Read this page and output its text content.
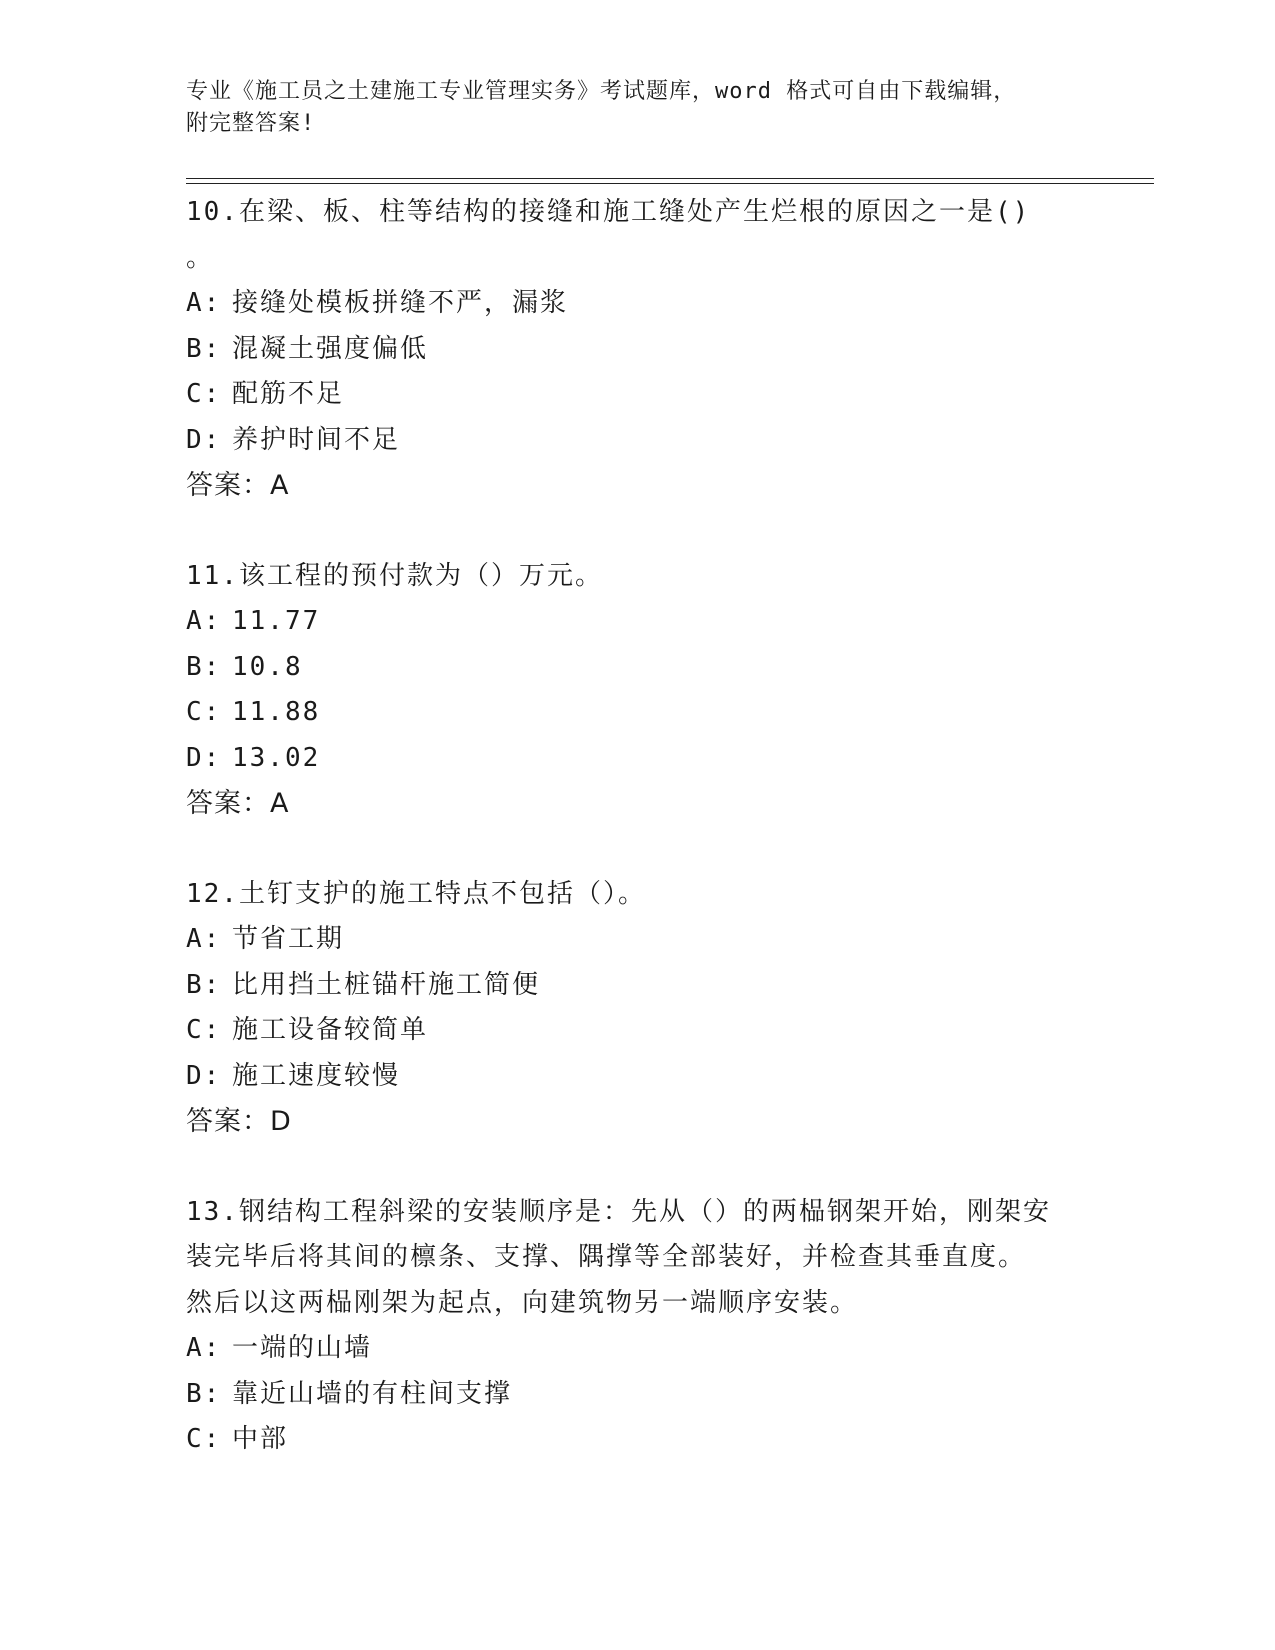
专业《施工员之土建施工专业管理实务》考试题库，word 格式可自由下载编辑，
附完整答案!
10.在梁、板、柱等结构的接缝和施工缝处产生烂根的原因之一是()
。
A: 接缝处模板拼缝不严，漏浆
B: 混凝土强度偏低
C: 配筋不足
D: 养护时间不足
答案：A
11.该工程的预付款为（）万元。
A: 11.77
B: 10.8
C: 11.88
D: 13.02
答案：A
12.土钉支护的施工特点不包括（）。
A: 节省工期
B: 比用挡土桩锚杆施工简便
C: 施工设备较简单
D: 施工速度较慢
答案：D
13.钢结构工程斜梁的安装顺序是：先从（）的两榀钢架开始，刚架安
装完毕后将其间的檩条、支撑、隅撑等全部装好，并检查其垂直度。
然后以这两榀刚架为起点，向建筑物另一端顺序安装。
A: 一端的山墙
B: 靠近山墙的有柱间支撑
C: 中部
